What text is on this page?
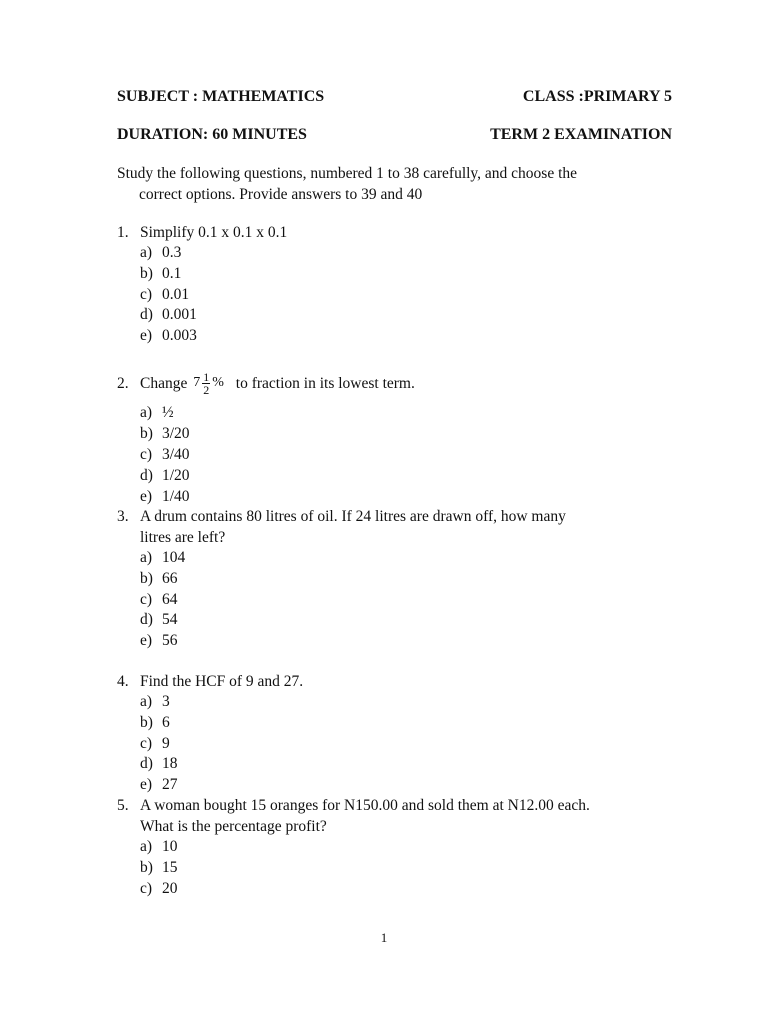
SUBJECT : MATHEMATICS	CLASS :PRIMARY 5
DURATION: 60 MINUTES	TERM 2 EXAMINATION
Study the following questions, numbered 1 to 38 carefully, and choose the
correct options. Provide answers to 39 and 40
1. Simplify 0.1 x 0.1 x 0.1
a) 0.3
b) 0.1
c) 0.01
d) 0.001
e) 0.003
2. Change $7 \frac{1}{2}$ % to fraction in its lowest term.
a) ½
b) 3/20
c) 3/40
d) 1/20
e) 1/40
3. A drum contains 80 litres of oil. If 24 litres are drawn off, how many
litres are left?
a) 104
b) 66
c) 64
d) 54
e) 56
4. Find the HCF of 9 and 27.
a) 3
b) 6
c) 9
d) 18
e) 27
5. A woman bought 15 oranges for N150.00 and sold them at N12.00 each.
What is the percentage profit?
a) 10
b) 15
c) 20
1
